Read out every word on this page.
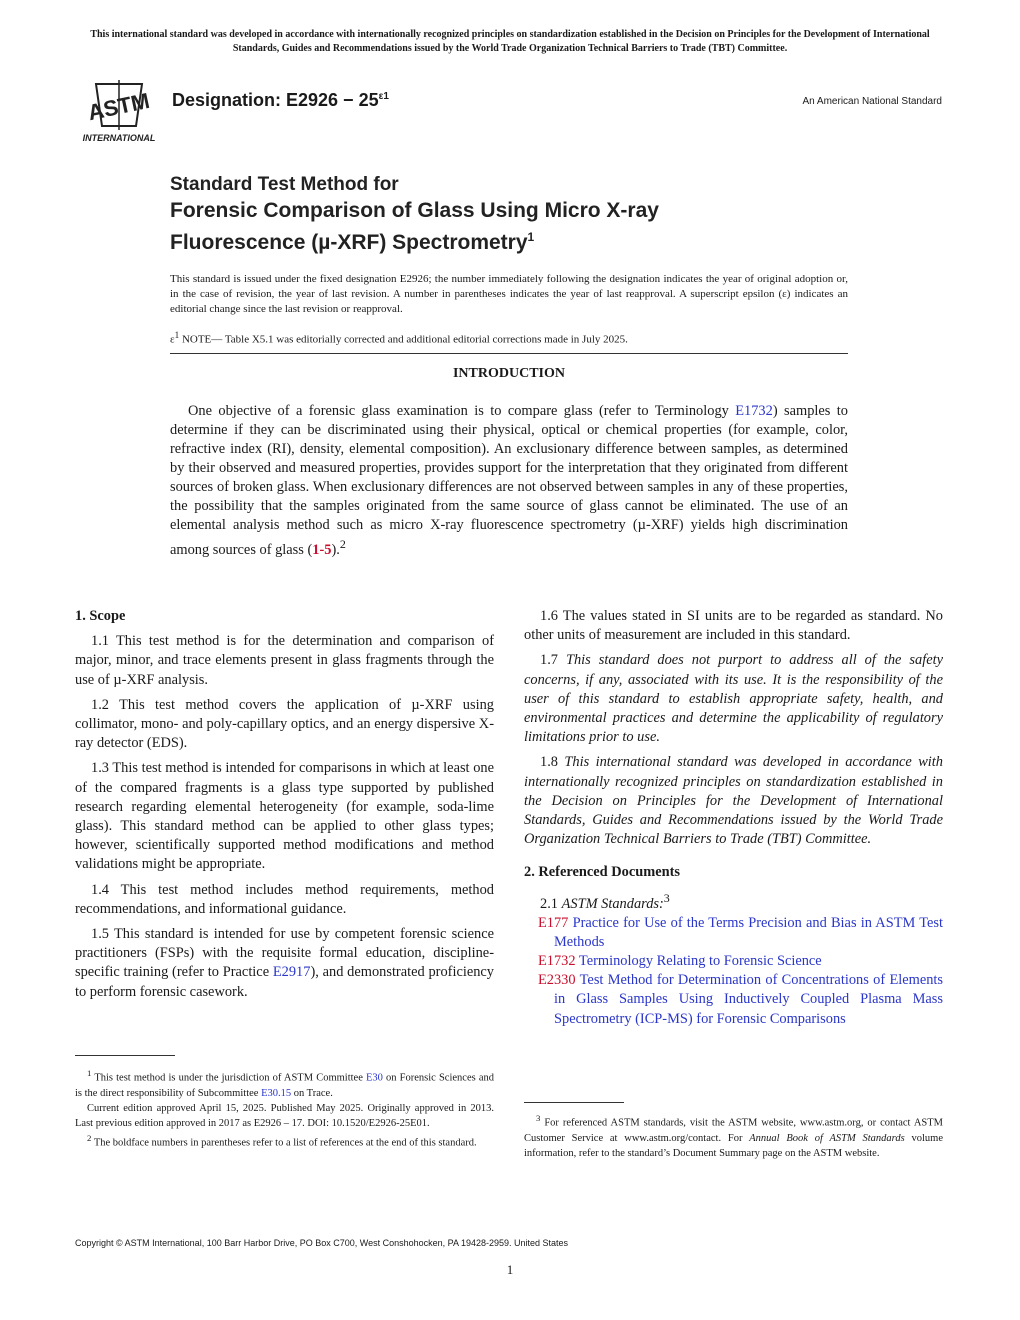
This international standard was developed in accordance with internationally recognized principles on standardization established in the Decision on Principles for the Development of International Standards, Guides and Recommendations issued by the World Trade Organization Technical Barriers to Trade (TBT) Committee.
ASTM
INTERNATIONAL
Designation: $E2926 - 25^{\varepsilon 1}$	An American National Standard
Standard Test Method for
Forensic Comparison of Glass Using Micro X-ray
Fluorescence (µ-XRF) Spectrometry$^1$
This standard is issued under the fixed designation E2926; the number immediately following the designation indicates the year of original adoption or, in the case of revision, the year of last revision. A number in parentheses indicates the year of last reapproval. A superscript epsilon (ε) indicates an editorial change since the last revision or reapproval.
$\varepsilon^1$ NOTE— Table X5.1 was editorially corrected and additional editorial corrections made in July 2025.
INTRODUCTION
One objective of a forensic glass examination is to compare glass (refer to Terminology E1732) samples to determine if they can be discriminated using their physical, optical or chemical properties (for example, color, refractive index (RI), density, elemental composition). An exclusionary difference between samples, as determined by their observed and measured properties, provides support for the interpretation that they originated from different sources of broken glass. When exclusionary differences are not observed between samples in any of these properties, the possibility that the samples originated from the same source of glass cannot be eliminated. The use of an elemental analysis method such as micro X-ray fluorescence spectrometry (µ-XRF) yields high discrimination among sources of glass (1-5).$^2$
1. Scope
1.1 This test method is for the determination and comparison of major, minor, and trace elements present in glass fragments through the use of µ-XRF analysis.
1.2 This test method covers the application of µ-XRF using collimator, mono- and poly-capillary optics, and an energy dispersive X-ray detector (EDS).
1.3 This test method is intended for comparisons in which at least one of the compared fragments is a glass type supported by published research regarding elemental heterogeneity (for example, soda-lime glass). This standard method can be applied to other glass types; however, scientifically supported method modifications and method validations might be appropriate.
1.4 This test method includes method requirements, method recommendations, and informational guidance.
1.5 This standard is intended for use by competent forensic science practitioners (FSPs) with the requisite formal education, discipline-specific training (refer to Practice E2917), and demonstrated proficiency to perform forensic casework.

$^1$ This test method is under the jurisdiction of ASTM Committee E30 on Forensic Sciences and is the direct responsibility of Subcommittee E30.15 on Trace.

Current edition approved April 15, 2025. Published May 2025. Originally approved in 2013. Last previous edition approved in 2017 as E2926 – 17. DOI: 10.1520/E2926-25E01.

$^2$ The boldface numbers in parentheses refer to a list of references at the end of this standard.

1.6 The values stated in SI units are to be regarded as standard. No other units of measurement are included in this standard.
1.7 This standard does not purport to address all of the safety concerns, if any, associated with its use. It is the responsibility of the user of this standard to establish appropriate safety, health, and environmental practices and determine the applicability of regulatory limitations prior to use.
1.8 This international standard was developed in accordance with internationally recognized principles on standardization established in the Decision on Principles for the Development of International Standards, Guides and Recommendations issued by the World Trade Organization Technical Barriers to Trade (TBT) Committee.
2. Referenced Documents
2.1 ASTM Standards:$^3$
E177 Practice for Use of the Terms Precision and Bias in ASTM Test Methods
E1732 Terminology Relating to Forensic Science
E2330 Test Method for Determination of Concentrations of Elements in Glass Samples Using Inductively Coupled Plasma Mass Spectrometry (ICP-MS) for Forensic Comparisons

$^3$ For referenced ASTM standards, visit the ASTM website, www.astm.org, or contact ASTM Customer Service at www.astm.org/contact. For Annual Book of ASTM Standards volume information, refer to the standard’s Document Summary page on the ASTM website.

Copyright © ASTM International, 100 Barr Harbor Drive, PO Box C700, West Conshohocken, PA 19428-2959. United States
1
